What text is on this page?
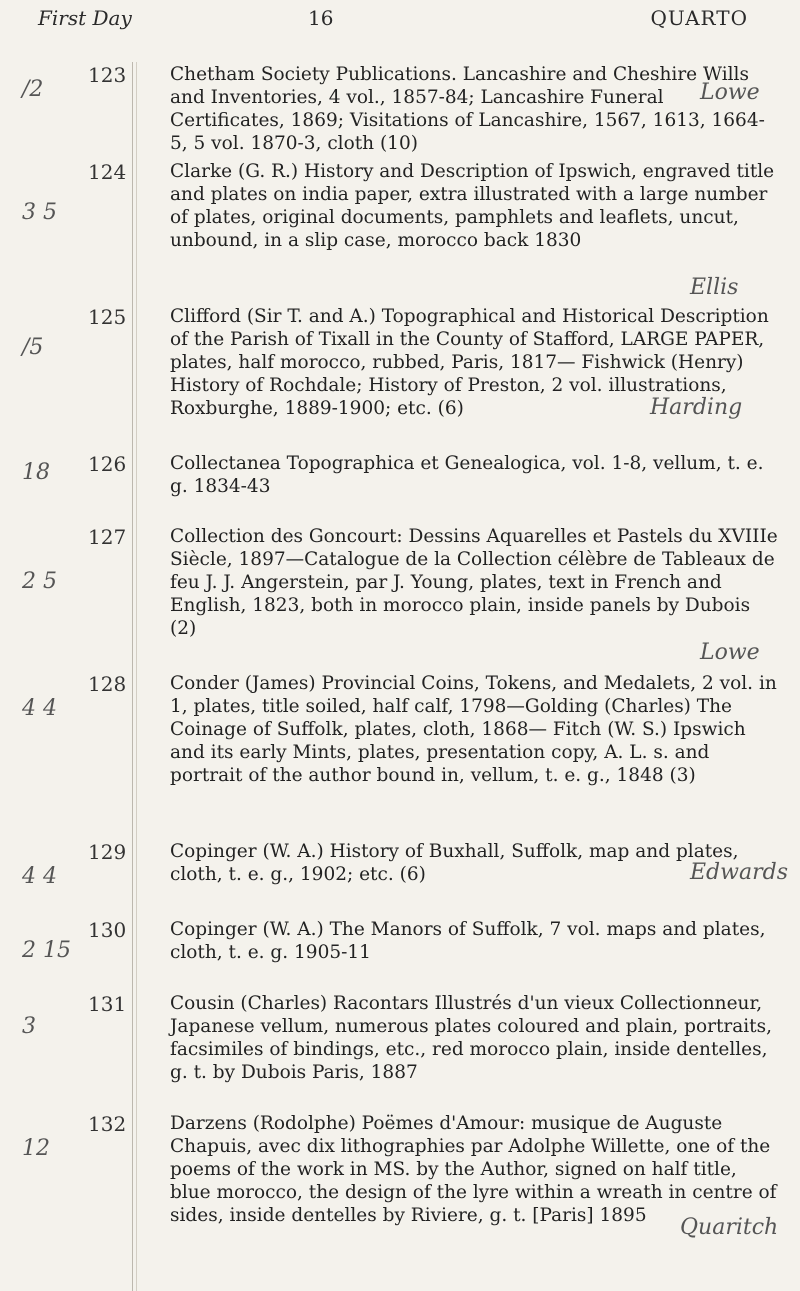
First Day	16	QUARTO
/2
123 Chetham Society Publications. Lancashire and Cheshire Wills and Inventories, 4 vol., 1857-84; Lancashire Funeral Certificates, 1869; Visitations of Lancashire, 1567, 1613, 1664-5, 5 vol. 1870-3, cloth (10)
3 5
124 Clarke (G. R.) History and Description of Ipswich, engraved title and plates on india paper, extra illustrated with a large number of plates, original documents, pamphlets and leaflets, uncut, unbound, in a slip case, morocco back 1830
/5
125 Clifford (Sir T. and A.) Topographical and Historical Description of the Parish of Tixall in the County of Stafford, LARGE PAPER, plates, half morocco, rubbed, Paris, 1817— Fishwick (Henry) History of Rochdale; History of Preston, 2 vol. illustrations, Roxburghe, 1889-1900; etc. (6)
18 126 Collectanea Topographica et Genealogica, vol. 1-8, vellum, t. e. g. 1834-43
2 5
127 Collection des Goncourt: Dessins Aquarelles et Pastels du XVIIIe Siècle, 1897—Catalogue de la Collection célèbre de Tableaux de feu J. J. Angerstein, par J. Young, plates, text in French and English, 1823, both in morocco plain, inside panels by Dubois (2)
4 4
128 Conder (James) Provincial Coins, Tokens, and Medalets, 2 vol. in 1, plates, title soiled, half calf, 1798—Golding (Charles) The Coinage of Suffolk, plates, cloth, 1868— Fitch (W. S.) Ipswich and its early Mints, plates, presentation copy, A. L. s. and portrait of the author bound in, vellum, t. e. g., 1848 (3)
4 4
129 Copinger (W. A.) History of Buxhall, Suffolk, map and plates, cloth, t. e. g., 1902; etc. (6)
2 15
130 Copinger (W. A.) The Manors of Suffolk, 7 vol. maps and plates, cloth, t. e. g. 1905-11
3
131 Cousin (Charles) Racontars Illustrés d'un vieux Collectionneur, Japanese vellum, numerous plates coloured and plain, portraits, facsimiles of bindings, etc., red morocco plain, inside dentelles, g. t. by Dubois Paris, 1887
12
132 Darzens (Rodolphe) Poëmes d'Amour: musique de Auguste Chapuis, avec dix lithographies par Adolphe Willette, one of the poems of the work in MS. by the Author, signed on half title, blue morocco, the design of the lyre within a wreath in centre of sides, inside dentelles by Riviere, g. t. [Paris] 1895
Lowe
Ellis
Harding
Lowe
Edwards
Quaritch
